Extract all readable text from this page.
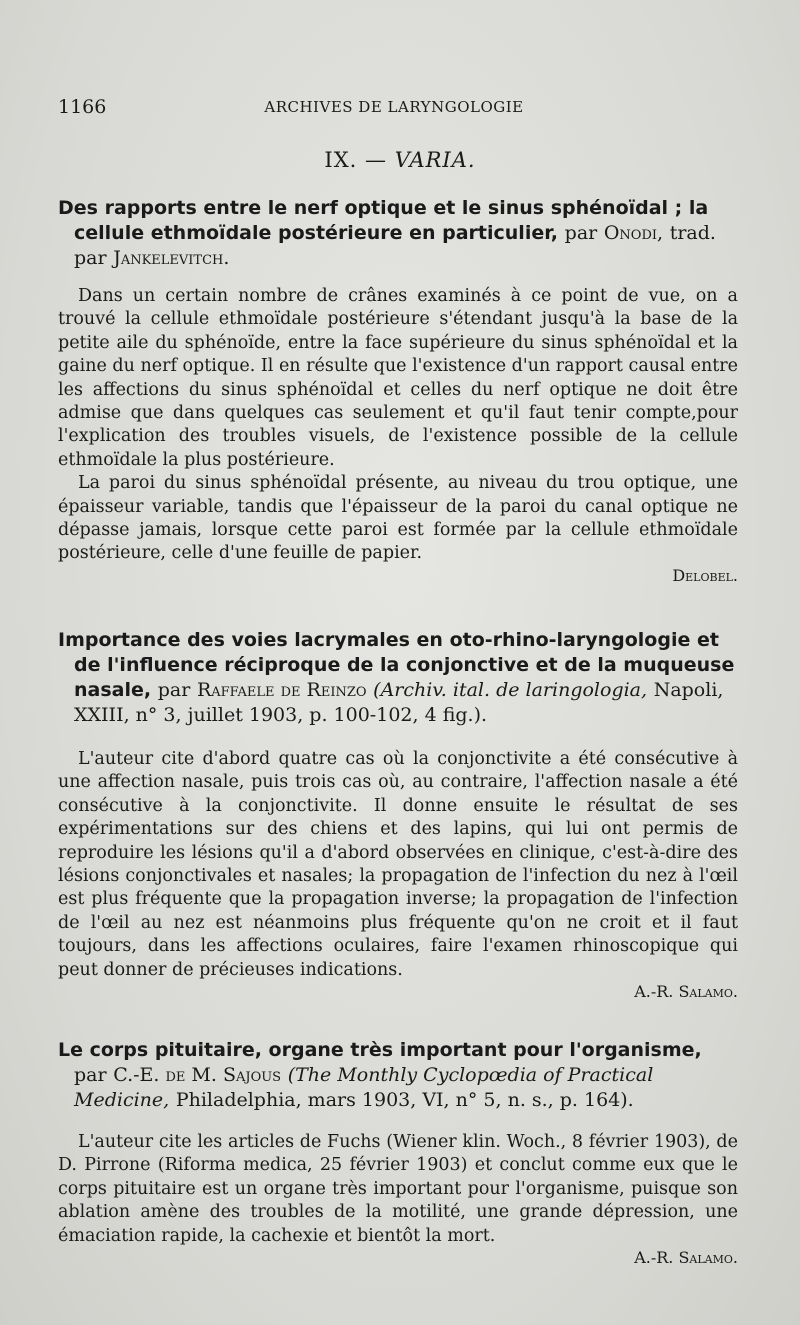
1166	ARCHIVES DE LARYNGOLOGIE
IX. — VARIA.

Des rapports entre le nerf optique et le sinus sphénoïdal ; la cellule ethmoïdale postérieure en particulier, par Onodi, trad. par Jankelevitch.

Dans un certain nombre de crânes examinés à ce point de vue, on a trouvé la cellule ethmoïdale postérieure s'étendant jusqu'à la base de la petite aile du sphénoïde, entre la face supérieure du sinus sphénoïdal et la gaine du nerf optique. Il en résulte que l'existence d'un rapport causal entre les affections du sinus sphénoïdal et celles du nerf optique ne doit être admise que dans quelques cas seulement et qu'il faut tenir compte,pour l'explication des troubles visuels, de l'existence possible de la cellule ethmoïdale la plus postérieure.

La paroi du sinus sphénoïdal présente, au niveau du trou optique, une épaisseur variable, tandis que l'épaisseur de la paroi du canal optique ne dépasse jamais, lorsque cette paroi est formée par la cellule ethmoïdale postérieure, celle d'une feuille de papier.

Delobel.

Importance des voies lacrymales en oto-rhino-laryngologie et de l'influence réciproque de la conjonctive et de la muqueuse nasale, par Raffaele de Reinzo (Archiv. ital. de laringologia, Napoli, XXIII, n° 3, juillet 1903, p. 100-102, 4 fig.).

L'auteur cite d'abord quatre cas où la conjonctivite a été consécutive à une affection nasale, puis trois cas où, au contraire, l'affection nasale a été consécutive à la conjonctivite. Il donne ensuite le résultat de ses expérimentations sur des chiens et des lapins, qui lui ont permis de reproduire les lésions qu'il a d'abord observées en clinique, c'est-à-dire des lésions conjonctivales et nasales; la propagation de l'infection du nez à l'œil est plus fréquente que la propagation inverse; la propagation de l'infection de l'œil au nez est néanmoins plus fréquente qu'on ne croit et il faut toujours, dans les affections oculaires, faire l'examen rhinoscopique qui peut donner de précieuses indications.

A.-R. Salamo.

Le corps pituitaire, organe très important pour l'organisme, par C.-E. de M. Sajous (The Monthly Cyclopœdia of Practical Medicine, Philadelphia, mars 1903, VI, n° 5, n. s., p. 164).

L'auteur cite les articles de Fuchs (Wiener klin. Woch., 8 février 1903), de D. Pirrone (Riforma medica, 25 février 1903) et conclut comme eux que le corps pituitaire est un organe très important pour l'organisme, puisque son ablation amène des troubles de la motilité, une grande dépression, une émaciation rapide, la cachexie et bientôt la mort.

A.-R. Salamo.
